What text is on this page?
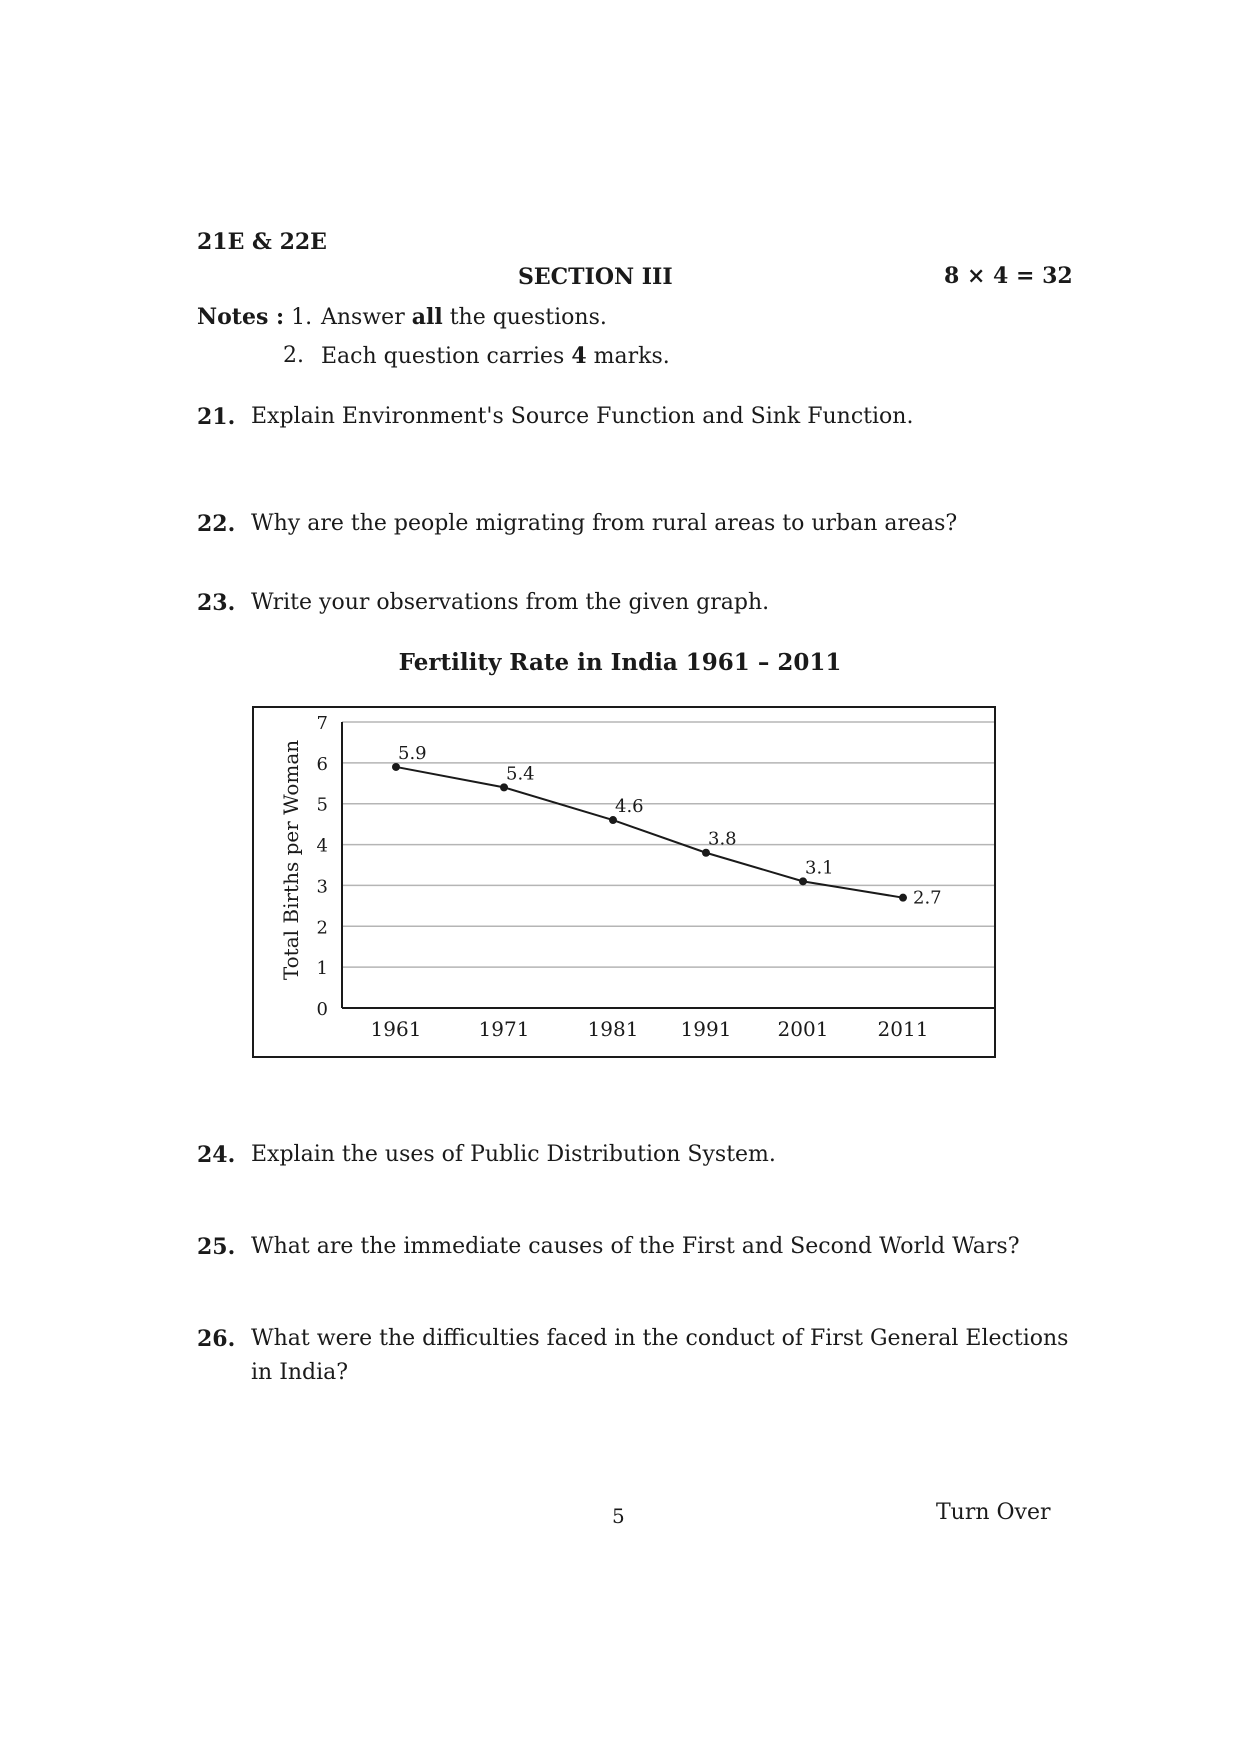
21E & 22E
SECTION III	8 × 4 = 32
Notes : 1. Answer all the questions.
2. Each question carries 4 marks.
21. Explain Environment's Source Function and Sink Function.
22. Why are the people migrating from rural areas to urban areas?
23. Write your observations from the given graph.
Fertility Rate in India 1961 – 2011
Total Births per Woman
0
1
2
3
4
5
6
7
1961	1971	1981 1991 2001 2011
5.9
5.4
4.6
3.8
3.1
2.7
24. Explain the uses of Public Distribution System.
25. What are the immediate causes of the First and Second World Wars?
26. What were the difficulties faced in the conduct of First General Elections
in India?
5	Turn Over
